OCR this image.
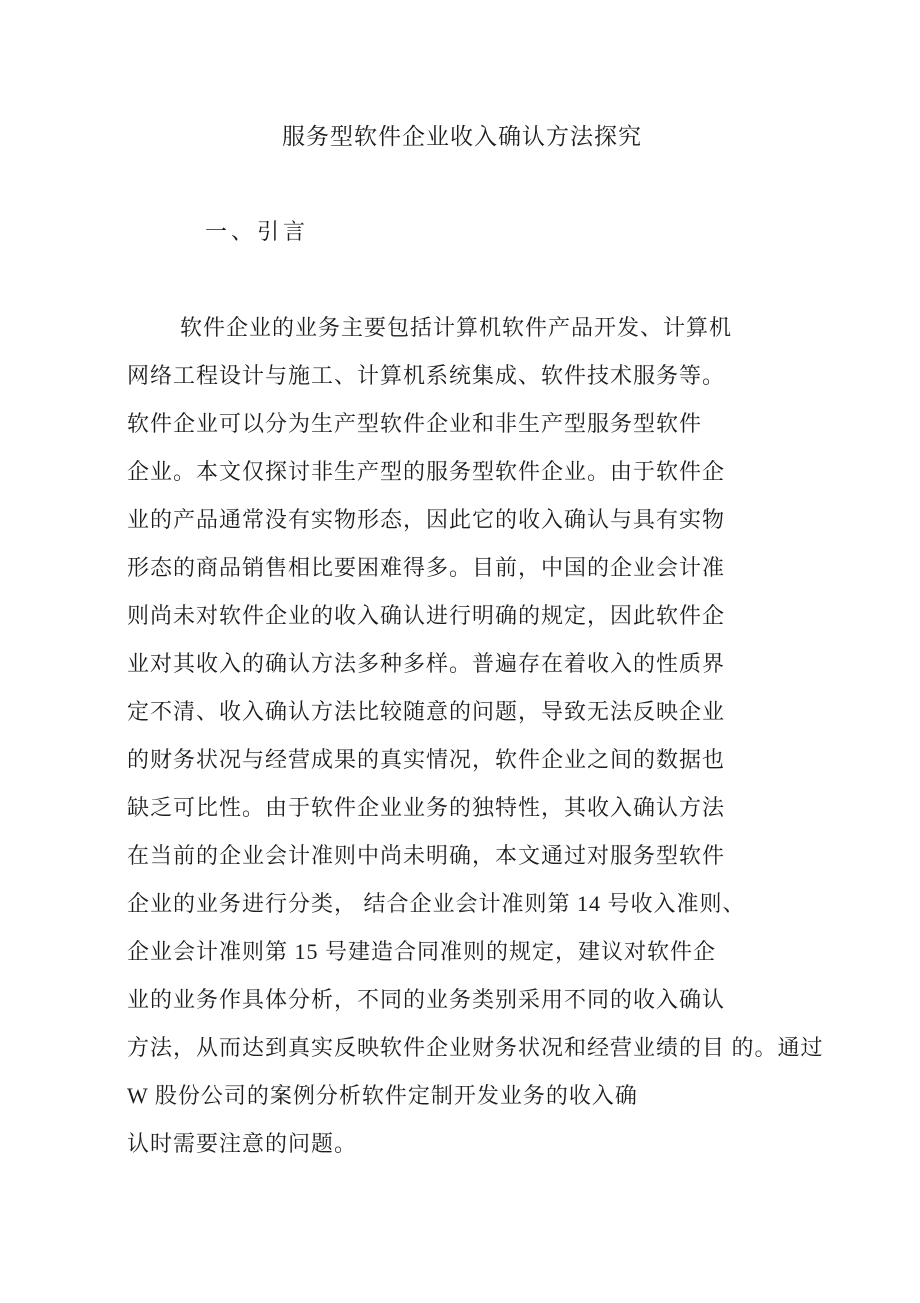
服务型软件企业收入确认方法探究
一、引言
软件企业的业务主要包括计算机软件产品开发、计算机
网络工程设计与施工、计算机系统集成、软件技术服务等。
软件企业可以分为生产型软件企业和非生产型服务型软件
企业。本文仅探讨非生产型的服务型软件企业。由于软件企
业的产品通常没有实物形态，因此它的收入确认与具有实物
形态的商品销售相比要困难得多。目前，中国的企业会计准
则尚未对软件企业的收入确认进行明确的规定，因此软件企
业对其收入的确认方法多种多样。普遍存在着收入的性质界
定不清、收入确认方法比较随意的问题，导致无法反映企业
的财务状况与经营成果的真实情况，软件企业之间的数据也
缺乏可比性。由于软件企业业务的独特性，其收入确认方法
在当前的企业会计准则中尚未明确，本文通过对服务型软件
企业的业务进行分类， 结合企业会计准则第 14 号收入准则、
企业会计准则第 15 号建造合同准则的规定，建议对软件企
业的业务作具体分析，不同的业务类别采用不同的收入确认
方法，从而达到真实反映软件企业财务状况和经营业绩的目 的。通过
W 股份公司的案例分析软件定制开发业务的收入确
认时需要注意的问题。
